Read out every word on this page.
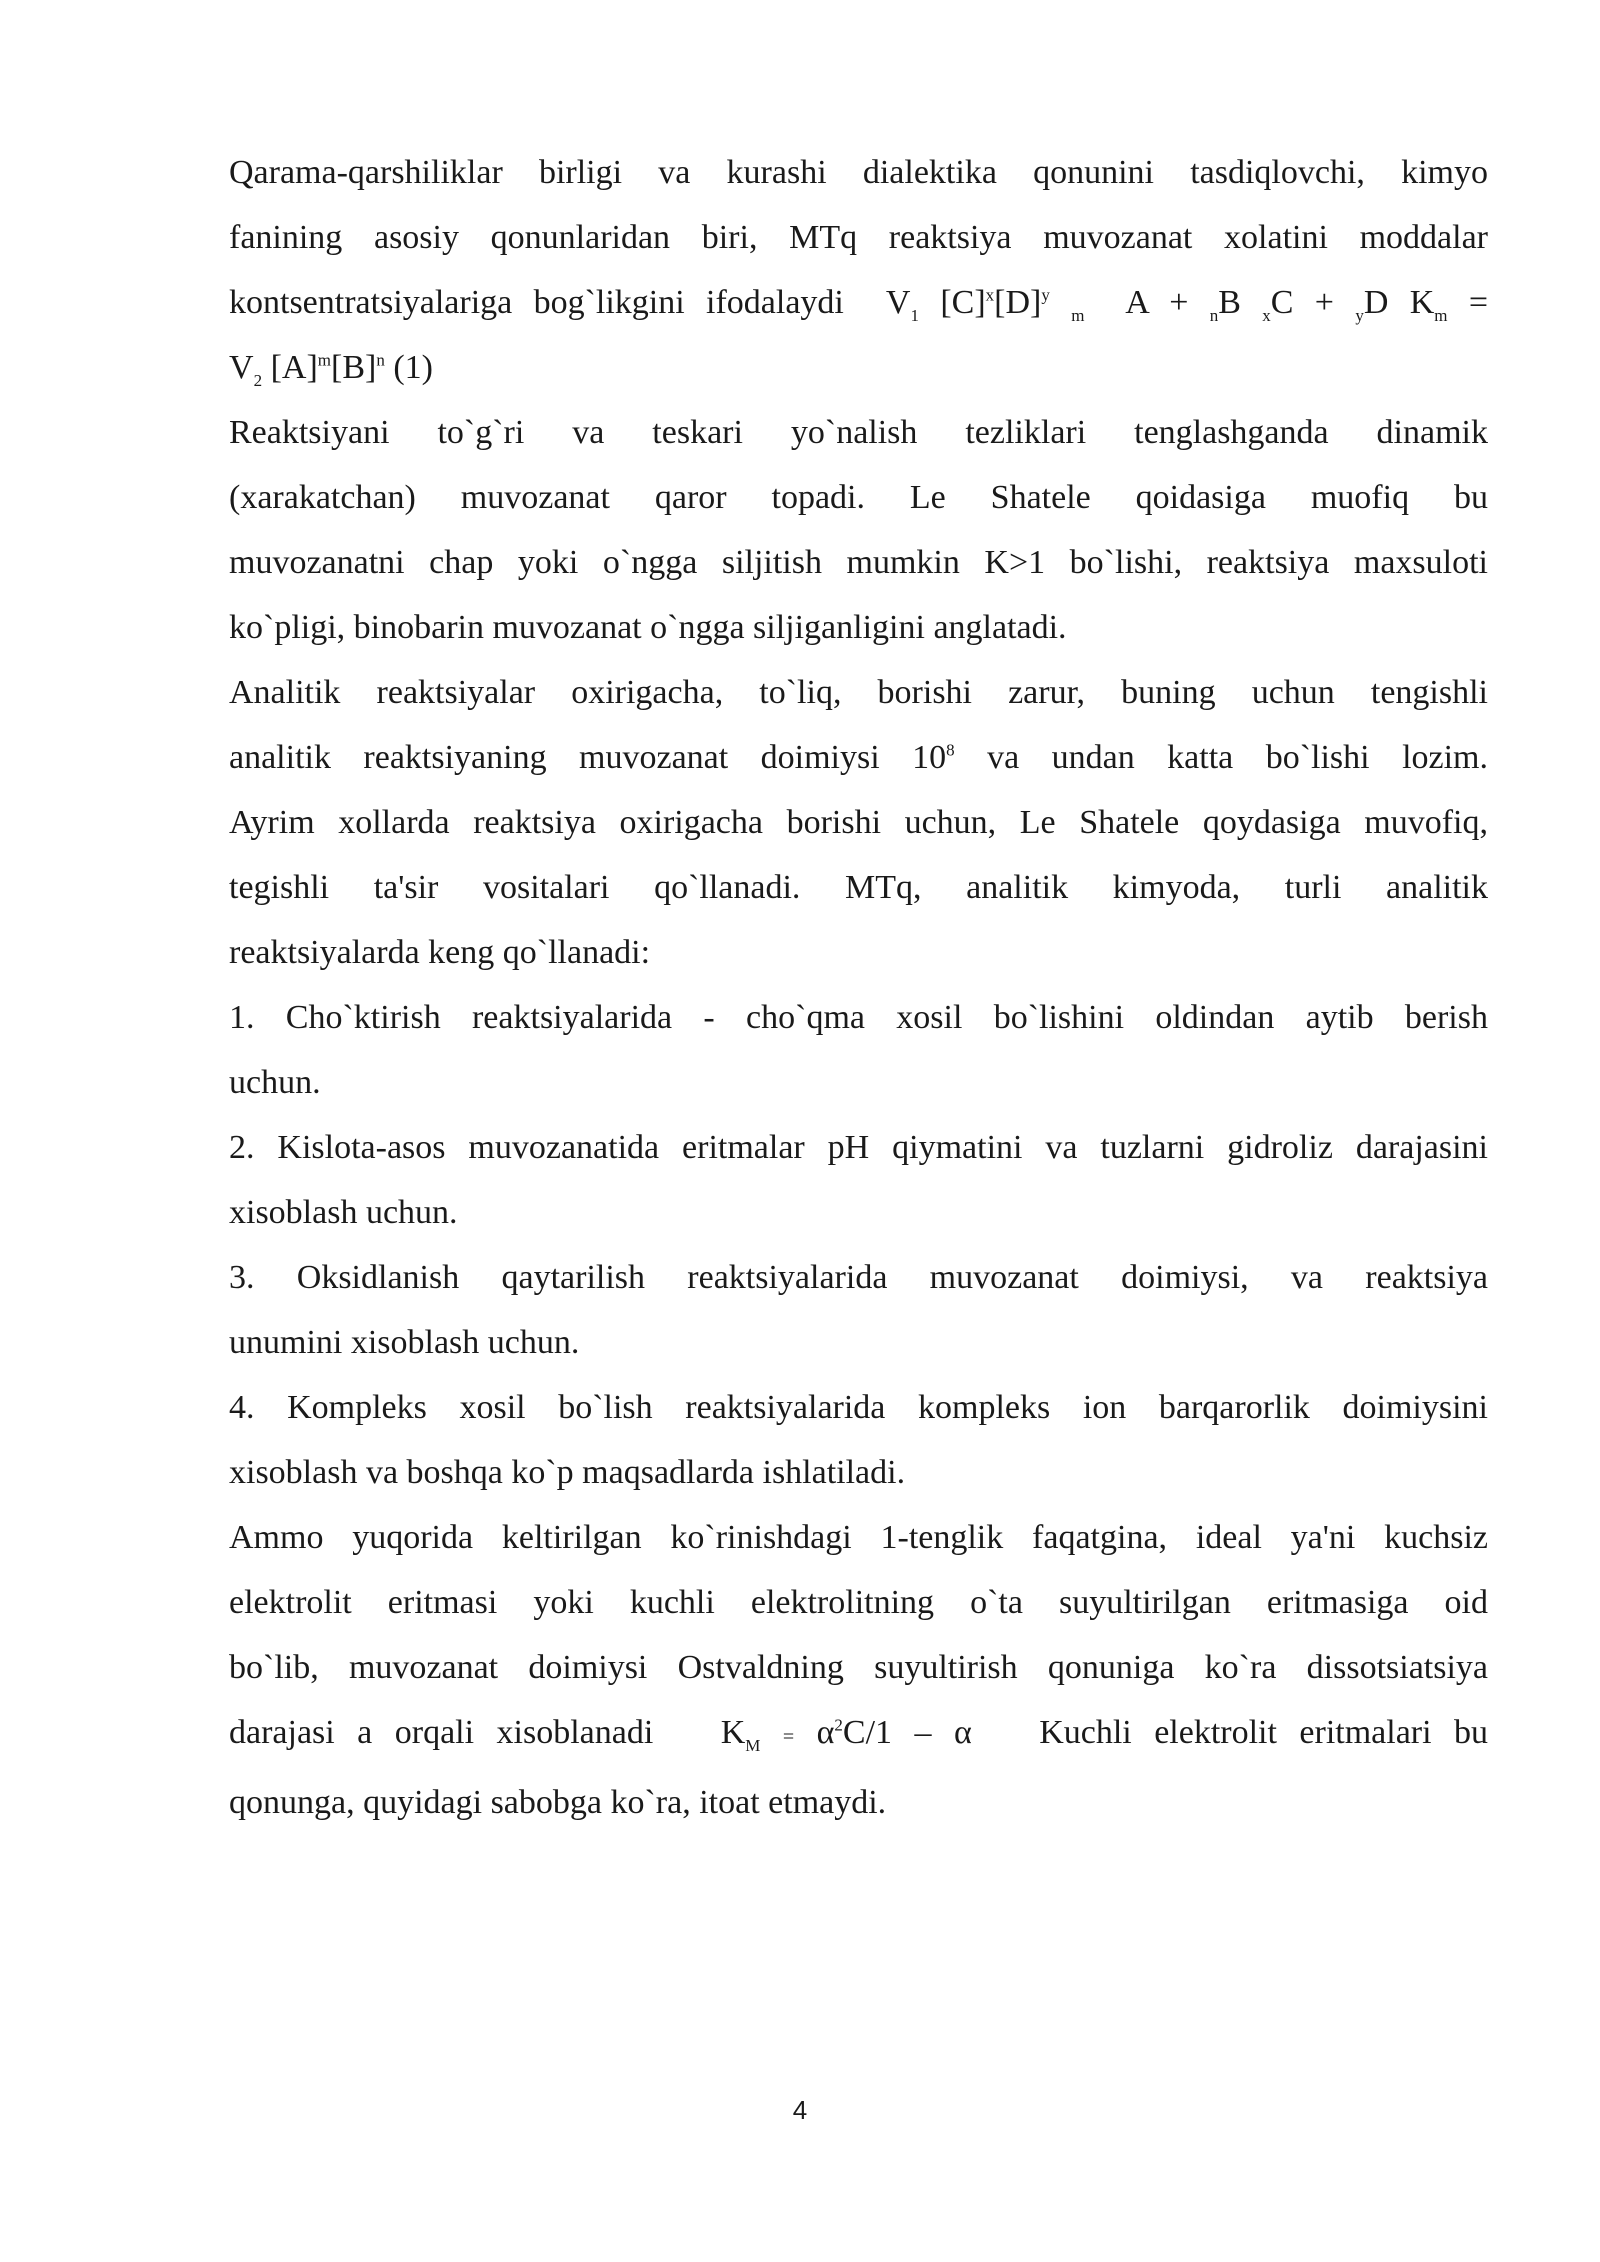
Qarama-qarshiliklar birligi va kurashi dialektika qonunini tasdiqlovchi, kimyo

fanining asosiy qonunlaridan biri, MTq reaktsiya muvozanat xolatini moddalar

kontsentratsiyalariga bog`likgini ifodalaydi $V_1$ $[C]^x[D]^y$ $_m$ A + $_n$B $_x$C + $_y$D $K_m$ =

$V_2$ $[A]^m[B]^n$ (1)

Reaktsiyani to`g`ri va teskari yo`nalish tezliklari tenglashganda dinamik

(xarakatchan) muvozanat qaror topadi. Le Shatele qoidasiga muofiq bu

muvozanatni chap yoki o`ngga siljitish mumkin K>1 bo`lishi, reaktsiya maxsuloti

ko`pligi, binobarin muvozanat o`ngga siljiganligini anglatadi.

Analitik reaktsiyalar oxirigacha, to`liq, borishi zarur, buning uchun tengishli

analitik reaktsiyaning muvozanat doimiysi $10^8$ va undan katta bo`lishi lozim.

Ayrim xollarda reaktsiya oxirigacha borishi uchun, Le Shatele qoydasiga muvofiq,

tegishli ta'sir vositalari qo`llanadi. MTq, analitik kimyoda, turli analitik

reaktsiyalarda keng qo`llanadi:

1. Cho`ktirish reaktsiyalarida - cho`qma xosil bo`lishini oldindan aytib berish

uchun.

2. Kislota-asos muvozanatida eritmalar pH qiymatini va tuzlarni gidroliz darajasini

xisoblash uchun.

3. Oksidlanish qaytarilish reaktsiyalarida muvozanat doimiysi, va reaktsiya

unumini xisoblash uchun.

4. Kompleks xosil bo`lish reaktsiyalarida kompleks ion barqarorlik doimiysini

xisoblash va boshqa ko`p maqsadlarda ishlatiladi.

Ammo yuqorida keltirilgan ko`rinishdagi 1-tenglik faqatgina, ideal ya'ni kuchsiz

elektrolit eritmasi yoki kuchli elektrolitning o`ta suyultirilgan eritmasiga oid

bo`lib, muvozanat doimiysi Ostvaldning suyultirish qonuniga ko`ra dissotsiatsiya

darajasi a orqali xisoblanadi $K_M = \alpha^2C/1 - \alpha$ Kuchli elektrolit eritmalari bu

qonunga, quyidagi sabobga ko`ra, itoat etmaydi.

4
